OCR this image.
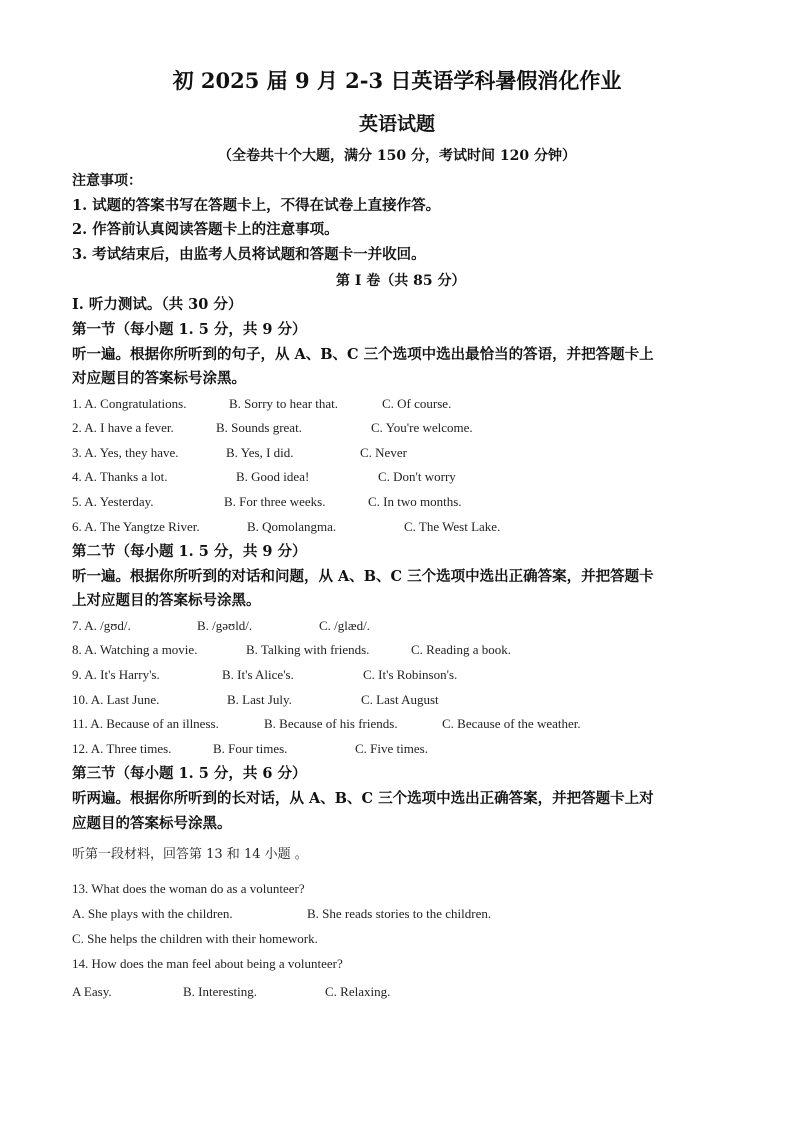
初 2025 届 9 月 2-3 日英语学科暑假消化作业
英语试题
（全卷共十个大题，满分 150 分，考试时间 120 分钟）
注意事项：
1. 试题的答案书写在答题卡上，不得在试卷上直接作答。
2. 作答前认真阅读答题卡上的注意事项。
3. 考试结束后，由监考人员将试题和答题卡一并收回。
第 I 卷（共 85 分）
I. 听力测试。（共 30 分）
第一节（每小题 1. 5 分，共 9 分）
听一遍。根据你所听到的句子，从 A、B、C 三个选项中选出最恰当的答语，并把答题卡上
对应题目的答案标号涂黑。
1. A. Congratulations.	B. Sorry to hear that.	C. Of course.
2. A. I have a fever.	B. Sounds great.	C. You're welcome.
3. A. Yes, they have.	B. Yes, I did.	C. Never
4. A. Thanks a lot.	B. Good idea!	C. Don't worry
5. A. Yesterday.	B. For three weeks.	C. In two months.
6. A. The Yangtze River.	B. Qomolangma.	C. The West Lake.
第二节（每小题 1. 5 分，共 9 分）
听一遍。根据你所听到的对话和问题，从 A、B、C 三个选项中选出正确答案，并把答题卡
上对应题目的答案标号涂黑。
7. A. /gʊd/.	B. /gəʊld/.	C. /glæd/.
8. A. Watching a movie.	B. Talking with friends.	C. Reading a book.
9. A. It's Harry's.	B. It's Alice's.	C. It's Robinson's.
10. A. Last June.	B. Last July.	C. Last August
11. A. Because of an illness.	B. Because of his friends.	C. Because of the weather.
12. A. Three times.	B. Four times.	C. Five times.
第三节（每小题 1. 5 分，共 6 分）
听两遍。根据你所听到的长对话，从 A、B、C 三个选项中选出正确答案，并把答题卡上对
应题目的答案标号涂黑。
听第一段材料，回答第 13 和 14 小题 。
13. What does the woman do as a volunteer?
A. She plays with the children.	B. She reads stories to the children.
C. She helps the children with their homework.
14. How does the man feel about being a volunteer?
A Easy.	B. Interesting.	C. Relaxing.
